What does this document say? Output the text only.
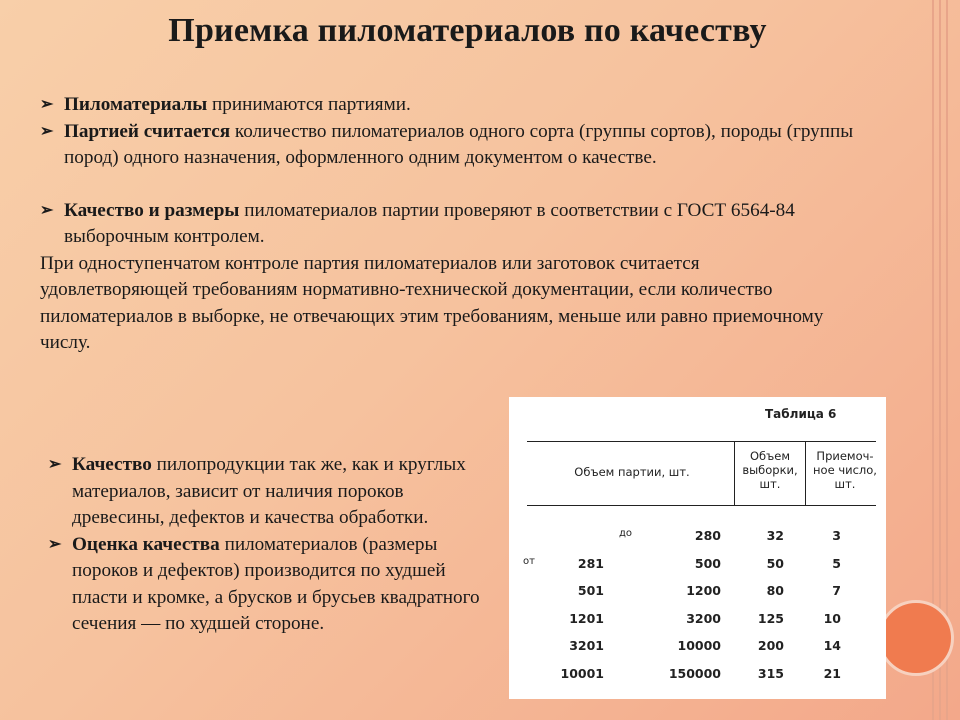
Приемка пиломатериалов по качеству
➢ Пиломатериалы принимаются партиями.
➢ Партией считается количество пиломатериалов одного сорта (группы сортов), породы (группы пород) одного назначения, оформленного одним документом о качестве.
➢ Качество и размеры пиломатериалов партии проверяют в соответствии с ГОСТ 6564-84 выборочным контролем.
При одноступенчатом контроле партия пиломатериалов или заготовок считается удовлетворяющей требованиям нормативно-технической документации, если количество пиломатериалов в выборке, не отвечающих этим требованиям, меньше или равно приемочному числу.
➢ Качество пилопродукции так же, как и круглых материалов, зависит от наличия пороков древесины, дефектов и качества обработки.
➢ Оценка качества пиломатериалов (размеры пороков и дефектов) производится по худшей пласти и кромке, а брусков и брусьев квадратного сечения — по худшей стороне.
Таблица 6
Объем партии, шт.
Объем выборки, шт.
Приемоч-ное число, шт.
до	280	32	3
от	281	500	50	5
501	1200	80	7
1201	3200	125	10
3201	10000	200	14
10001	150000	315	21
